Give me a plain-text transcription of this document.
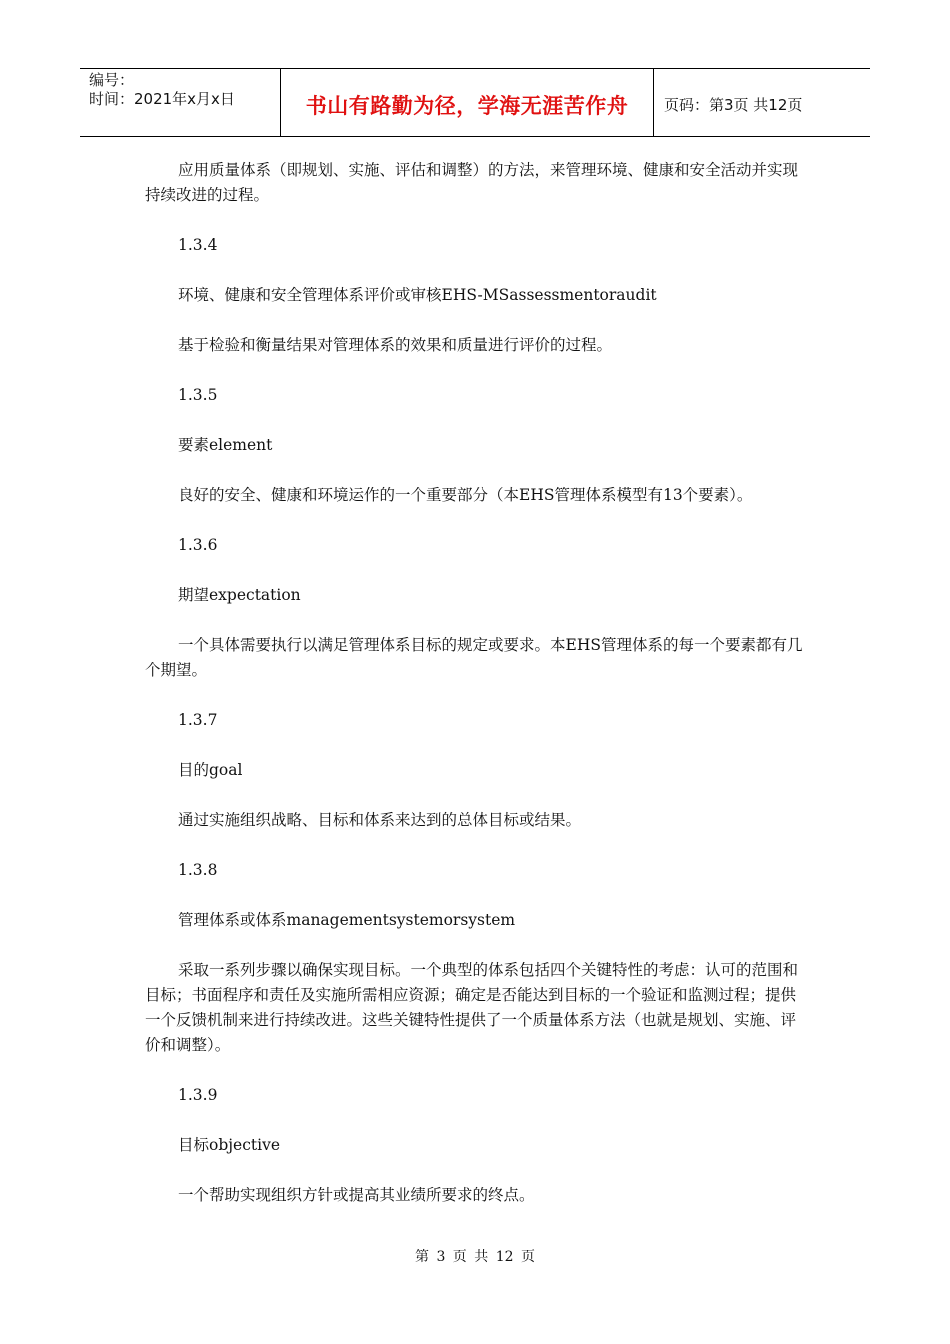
编号：
时间：2021年x月x日	书山有路勤为径，学海无涯苦作舟	页码：第3页 共12页

应用质量体系（即规划、实施、评估和调整）的方法，来管理环境、健康和安全活动并实现持续改进的过程。

1.3.4

环境、健康和安全管理体系评价或审核EHS-MSassessmentoraudit

基于检验和衡量结果对管理体系的效果和质量进行评价的过程。

1.3.5

要素element

良好的安全、健康和环境运作的一个重要部分（本EHS管理体系模型有13个要素）。

1.3.6

期望expectation

一个具体需要执行以满足管理体系目标的规定或要求。本EHS管理体系的每一个要素都有几个期望。

1.3.7

目的goal

通过实施组织战略、目标和体系来达到的总体目标或结果。

1.3.8

管理体系或体系managementsystemorsystem

采取一系列步骤以确保实现目标。一个典型的体系包括四个关键特性的考虑：认可的范围和目标；书面程序和责任及实施所需相应资源；确定是否能达到目标的一个验证和监测过程；提供一个反馈机制来进行持续改进。这些关键特性提供了一个质量体系方法（也就是规划、实施、评价和调整）。

1.3.9

目标objective

一个帮助实现组织方针或提高其业绩所要求的终点。

第 3 页 共 12 页
